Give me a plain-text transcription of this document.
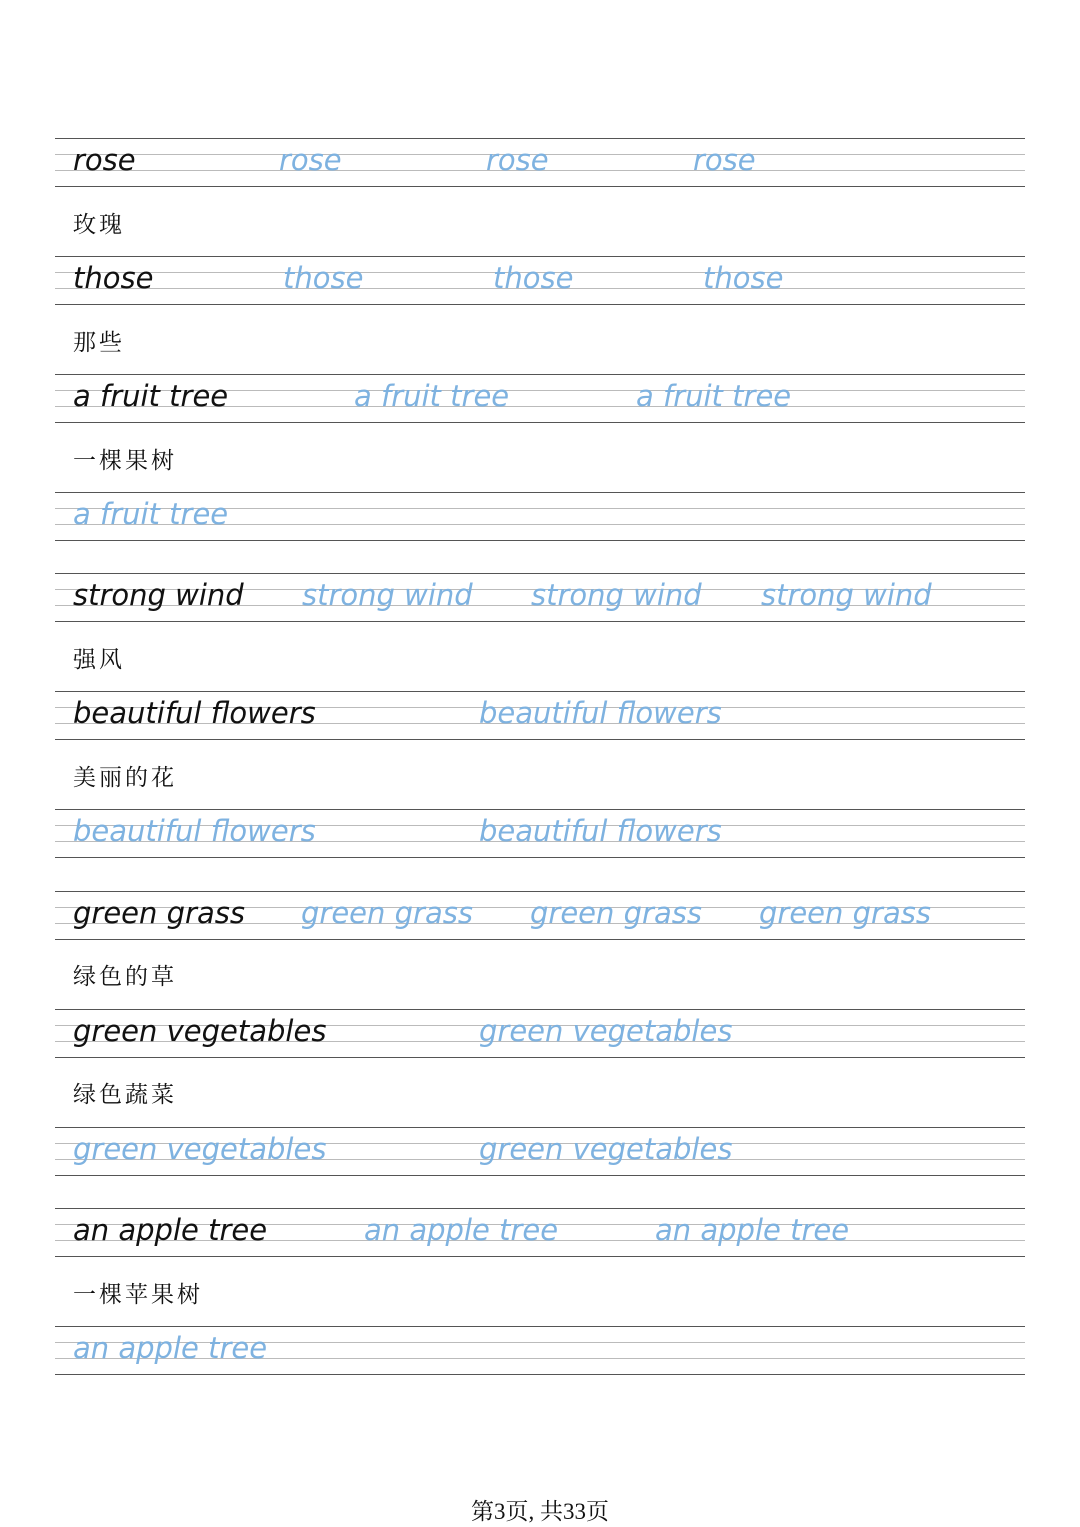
rose	rose	rose	rose
玫瑰
those	those	those	those
那些
a fruit tree	a fruit tree	a fruit tree
一棵果树
a fruit tree
strong wind strong wind strong wind strong wind
强风
beautiful flowers	beautiful flowers
美丽的花
beautiful flowers	beautiful flowers
green grass green grass green grass green grass
绿色的草
green vegetables	green vegetables
绿色蔬菜
green vegetables	green vegetables
an apple tree	an apple tree	an apple tree
一棵苹果树
an apple tree
第3页, 共33页
